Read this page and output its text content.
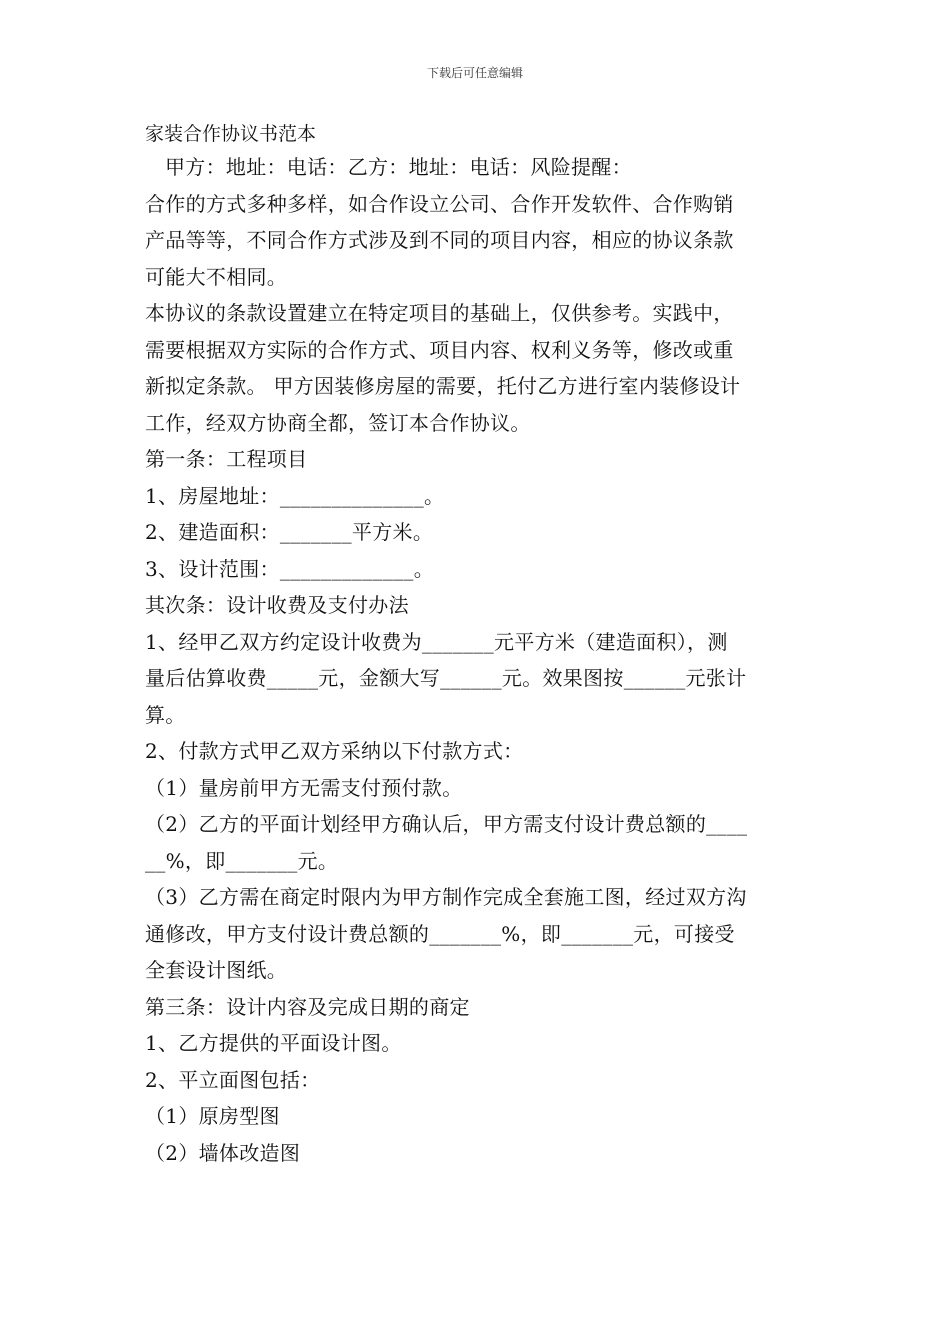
下载后可任意编辑
家装合作协议书范本
甲方：地址：电话：乙方：地址：电话：风险提醒：
合作的方式多种多样，如合作设立公司、合作开发软件、合作购销
产品等等，不同合作方式涉及到不同的项目内容，相应的协议条款
可能大不相同。
本协议的条款设置建立在特定项目的基础上，仅供参考。实践中，
需要根据双方实际的合作方式、项目内容、权利义务等，修改或重
新拟定条款。 甲方因装修房屋的需要，托付乙方进行室内装修设计
工作，经双方协商全都，签订本合作协议。
第一条：工程项目
1、房屋地址：______________。
2、建造面积：_______平方米。
3、设计范围：_____________。
其次条：设计收费及支付办法
1、经甲乙双方约定设计收费为_______元平方米（建造面积），测
量后估算收费_____元，金额大写______元。效果图按______元张计
算。
2、付款方式甲乙双方采纳以下付款方式：
（1）量房前甲方无需支付预付款。
（2）乙方的平面计划经甲方确认后，甲方需支付设计费总额的____
__%，即_______元。
（3）乙方需在商定时限内为甲方制作完成全套施工图，经过双方沟
通修改，甲方支付设计费总额的_______%，即_______元，可接受
全套设计图纸。
第三条：设计内容及完成日期的商定
1、乙方提供的平面设计图。
2、平立面图包括：
（1）原房型图
（2）墙体改造图
